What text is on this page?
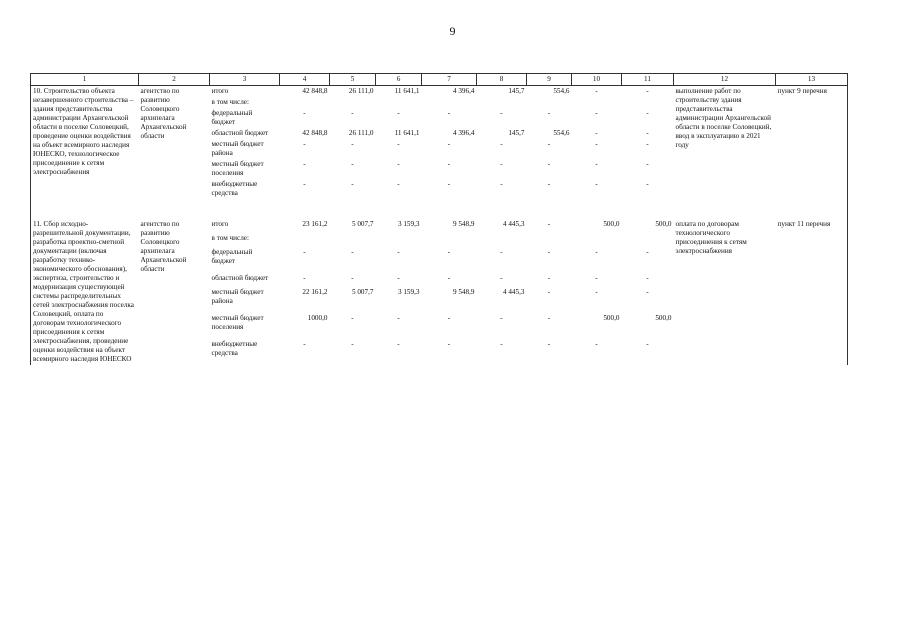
9
1	2	3	4	5	6	7	8	9	10	11	12	13
10. Строительство объекта незавершенного строительства – здания представительства администрации Архангельской области в поселке Соловецкий, проведение оценки воздействия на объект всемирного наследия ЮНЕСКО, технологическое присоединение к сетям электроснабжения	агентство по развитию Соловецкого архипелага Архангельской области	итого	42 848,8	26 111,0	11 641,1	4 396,4	145,7	554,6	-	-	выполнение работ по строительству здания представительства администрации Архангельской области в поселке Соловецкий, ввод в эксплуатацию в 2021 году	пункт 9 перечня
		в том числе:										
		федеральный бюджет	-	-	-	-	-	-	-	-		
		областной бюджет	42 848,8	26 111,0	11 641,1	4 396,4	145,7	554,6	-	-		
		местный бюджет района	-	-	-	-	-	-	-	-		
		местный бюджет поселения	-	-	-	-	-	-	-	-		
		внебюджетные средства	-	-	-	-	-	-	-	-		

11. Сбор исходно-разрешительной документации, разработка проектно-сметной документации (включая разработку технико-экономического обоснования), экспертиза, строительство и модернизация существующей системы распределительных сетей электроснабжения поселка Соловецкий, оплата по договорам технологического присоединения к сетям электроснабжения, проведение оценки воздействия на объект всемирного наследия ЮНЕСКО	агентство по развитию Соловецкого архипелага Архангельской области	итого	23 161,2	5 007,7	3 159,3	9 548,9	4 445,3	-	500,0	500,0	оплата по договорам технологического присоединения к сетям электроснабжения	пункт 11 перечня
		в том числе:										
		федеральный бюджет	-	-	-	-	-	-	-	-		
		областной бюджет	-	-	-	-	-	-	-	-		
		местный бюджет района	22 161,2	5 007,7	3 159,3	9 548,9	4 445,3	-	-	-		
		местный бюджет поселения	1000,0	-	-	-	-	-	500,0	500,0		
		внебюджетные средства	-	-	-	-	-	-	-	-		
